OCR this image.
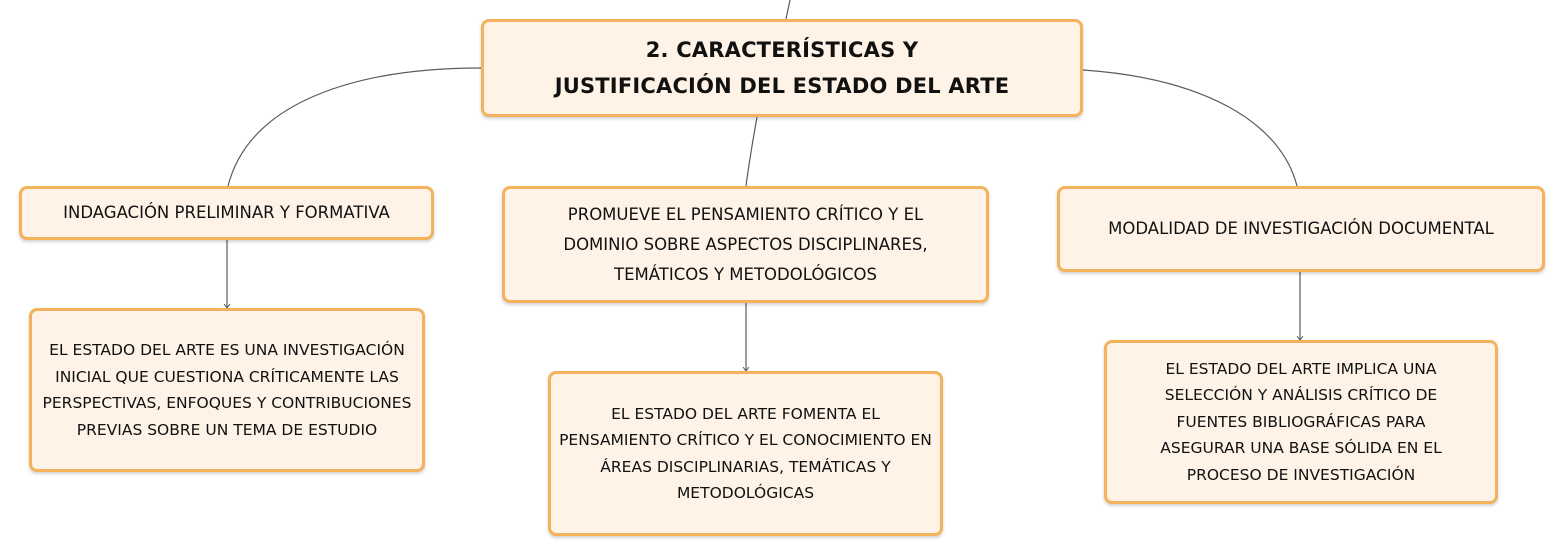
2. CARACTERÍSTICAS Y JUSTIFICACIÓN DEL ESTADO DEL ARTE
INDAGACIÓN PRELIMINAR Y FORMATIVA	PROMUEVE EL PENSAMIENTO CRÍTICO Y EL DOMINIO SOBRE ASPECTOS DISCIPLINARES, TEMÁTICOS Y METODOLÓGICOS
MODALIDAD DE INVESTIGACIÓN DOCUMENTAL
EL ESTADO DEL ARTE ES UNA INVESTIGACIÓN INICIAL QUE CUESTIONA CRÍTICAMENTE LAS PERSPECTIVAS, ENFOQUES Y CONTRIBUCIONES PREVIAS SOBRE UN TEMA DE ESTUDIO
EL ESTADO DEL ARTE FOMENTA EL PENSAMIENTO CRÍTICO Y EL CONOCIMIENTO EN ÁREAS DISCIPLINARIAS, TEMÁTICAS Y METODOLÓGICAS
EL ESTADO DEL ARTE IMPLICA UNA SELECCIÓN Y ANÁLISIS CRÍTICO DE FUENTES BIBLIOGRÁFICAS PARA ASEGURAR UNA BASE SÓLIDA EN EL PROCESO DE INVESTIGACIÓN
